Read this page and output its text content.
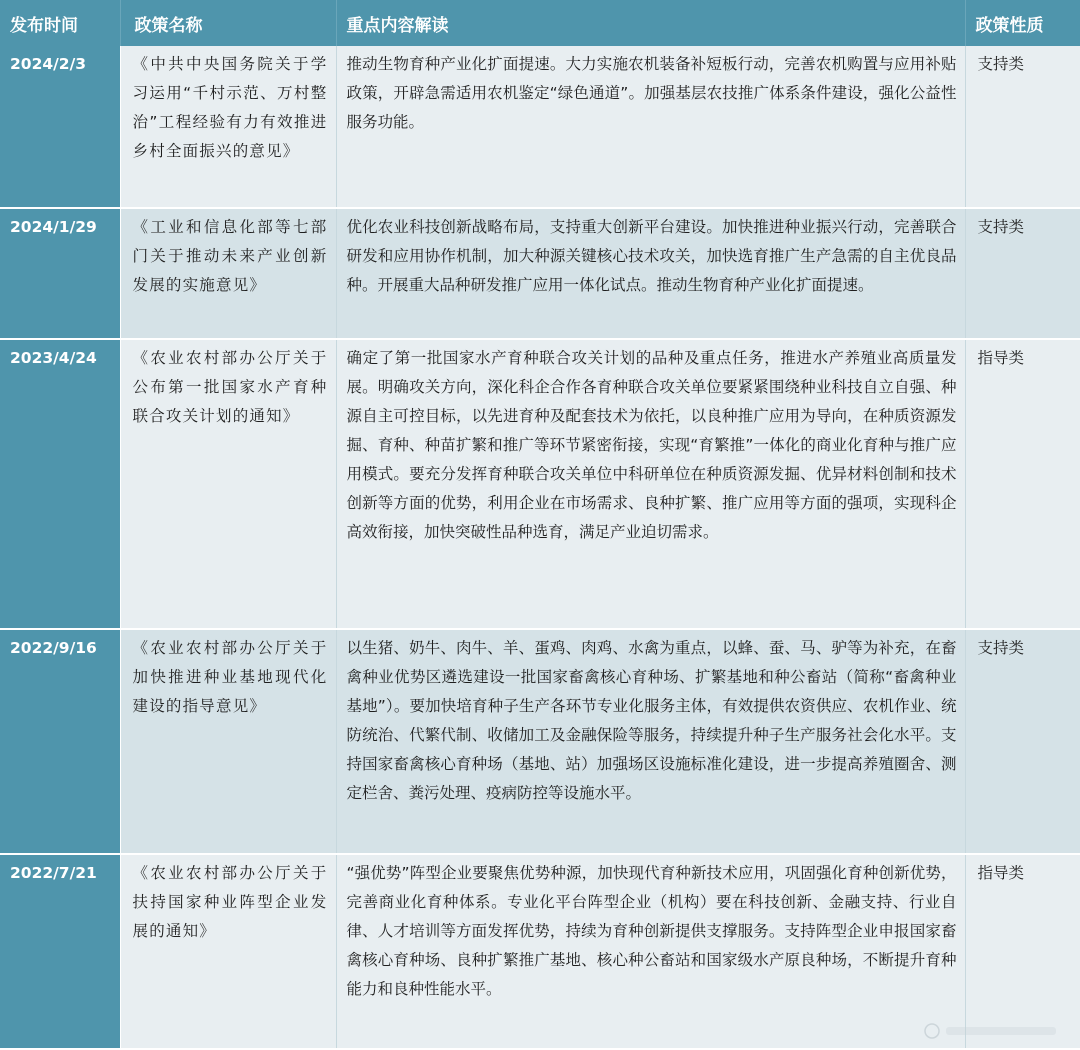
发布时间	政策名称	重点内容解读	政策性质
2024/2/3	《中共中央国务院关于学习运用“千村示范、万村整治”工程经验有力有效推进乡村全面振兴的意见》	推动生物育种产业化扩面提速。大力实施农机装备补短板行动，完善农机购置与应用补贴政策，开辟急需适用农机鉴定“绿色通道”。加强基层农技推广体系条件建设，强化公益性服务功能。	支持类
2024/1/29	《工业和信息化部等七部门关于推动未来产业创新发展的实施意见》	优化农业科技创新战略布局，支持重大创新平台建设。加快推进种业振兴行动，完善联合研发和应用协作机制，加大种源关键核心技术攻关，加快选育推广生产急需的自主优良品种。开展重大品种研发推广应用一体化试点。推动生物育种产业化扩面提速。	支持类
2023/4/24	《农业农村部办公厅关于公布第一批国家水产育种联合攻关计划的通知》	确定了第一批国家水产育种联合攻关计划的品种及重点任务，推进水产养殖业高质量发展。明确攻关方向，深化科企合作各育种联合攻关单位要紧紧围绕种业科技自立自强、种源自主可控目标，以先进育种及配套技术为依托，以良种推广应用为导向，在种质资源发掘、育种、种苗扩繁和推广等环节紧密衔接，实现“育繁推”一体化的商业化育种与推广应用模式。要充分发挥育种联合攻关单位中科研单位在种质资源发掘、优异材料创制和技术创新等方面的优势，利用企业在市场需求、良种扩繁、推广应用等方面的强项，实现科企高效衔接，加快突破性品种选育，满足产业迫切需求。	指导类
2022/9/16	《农业农村部办公厅关于加快推进种业基地现代化建设的指导意见》	以生猪、奶牛、肉牛、羊、蛋鸡、肉鸡、水禽为重点，以蜂、蚕、马、驴等为补充，在畜禽种业优势区遴选建设一批国家畜禽核心育种场、扩繁基地和种公畜站（简称“畜禽种业基地”）。要加快培育种子生产各环节专业化服务主体，有效提供农资供应、农机作业、统防统治、代繁代制、收储加工及金融保险等服务，持续提升种子生产服务社会化水平。支持国家畜禽核心育种场（基地、站）加强场区设施标准化建设，进一步提高养殖圈舍、测定栏舍、粪污处理、疫病防控等设施水平。	支持类
2022/7/21	《农业农村部办公厅关于扶持国家种业阵型企业发展的通知》	“强优势”阵型企业要聚焦优势种源，加快现代育种新技术应用，巩固强化育种创新优势，完善商业化育种体系。专业化平台阵型企业（机构）要在科技创新、金融支持、行业自律、人才培训等方面发挥优势，持续为育种创新提供支撑服务。支持阵型企业申报国家畜禽核心育种场、良种扩繁推广基地、核心种公畜站和国家级水产原良种场，不断提升育种能力和良种性能水平。	指导类
